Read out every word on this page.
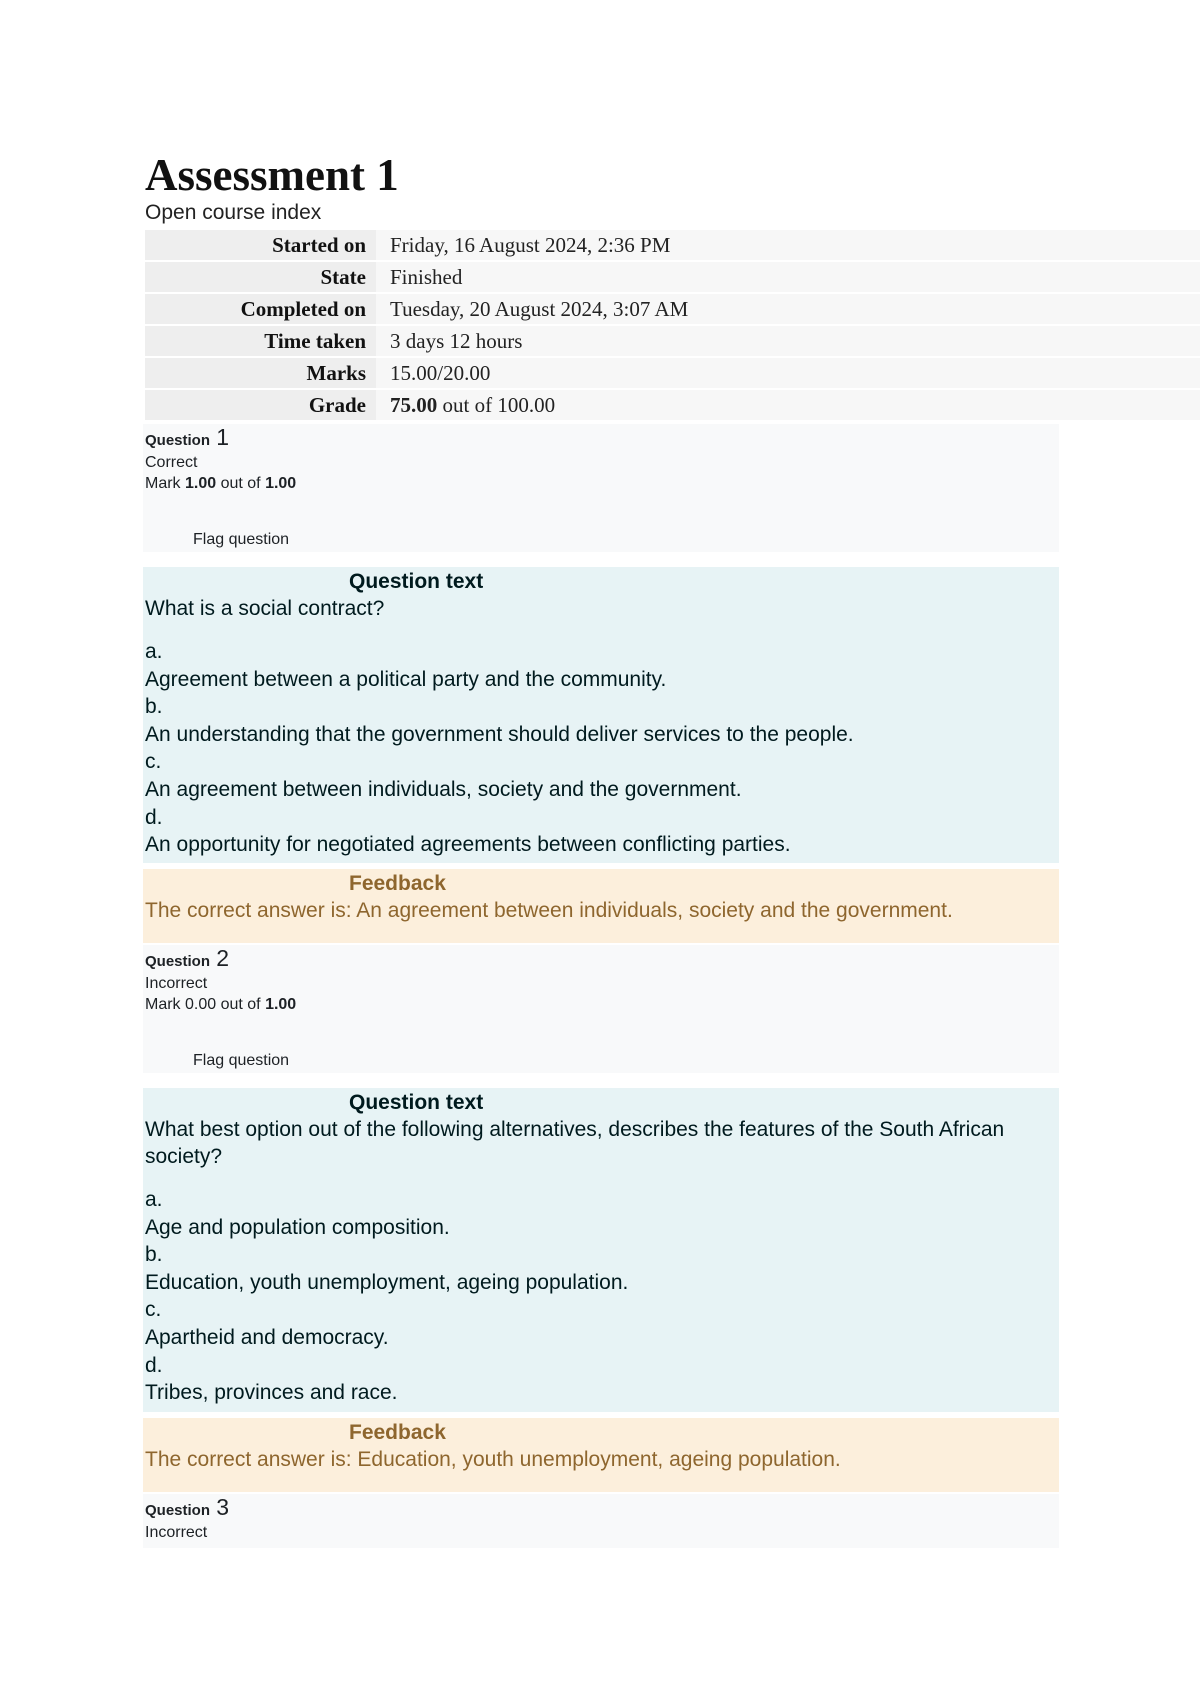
Assessment 1
Open course index
Started on	Friday, 16 August 2024, 2:36 PM
State	Finished
Completed on	Tuesday, 20 August 2024, 3:07 AM
Time taken	3 days 12 hours
Marks	15.00/20.00
Grade	75.00 out of 100.00
Question 1
Correct
Mark 1.00 out of 1.00
Flag question
Question text
What is a social contract?
a.
Agreement between a political party and the community.
b.
An understanding that the government should deliver services to the people.
c.
An agreement between individuals, society and the government.
d.
An opportunity for negotiated agreements between conflicting parties.
Feedback
The correct answer is: An agreement between individuals, society and the government.
Question 2
Incorrect
Mark 0.00 out of 1.00
Flag question
Question text
What best option out of the following alternatives, describes the features of the South African society?
a.
Age and population composition.
b.
Education, youth unemployment, ageing population.
c.
Apartheid and democracy.
d.
Tribes, provinces and race.
Feedback
The correct answer is: Education, youth unemployment, ageing population.
Question 3
Incorrect
